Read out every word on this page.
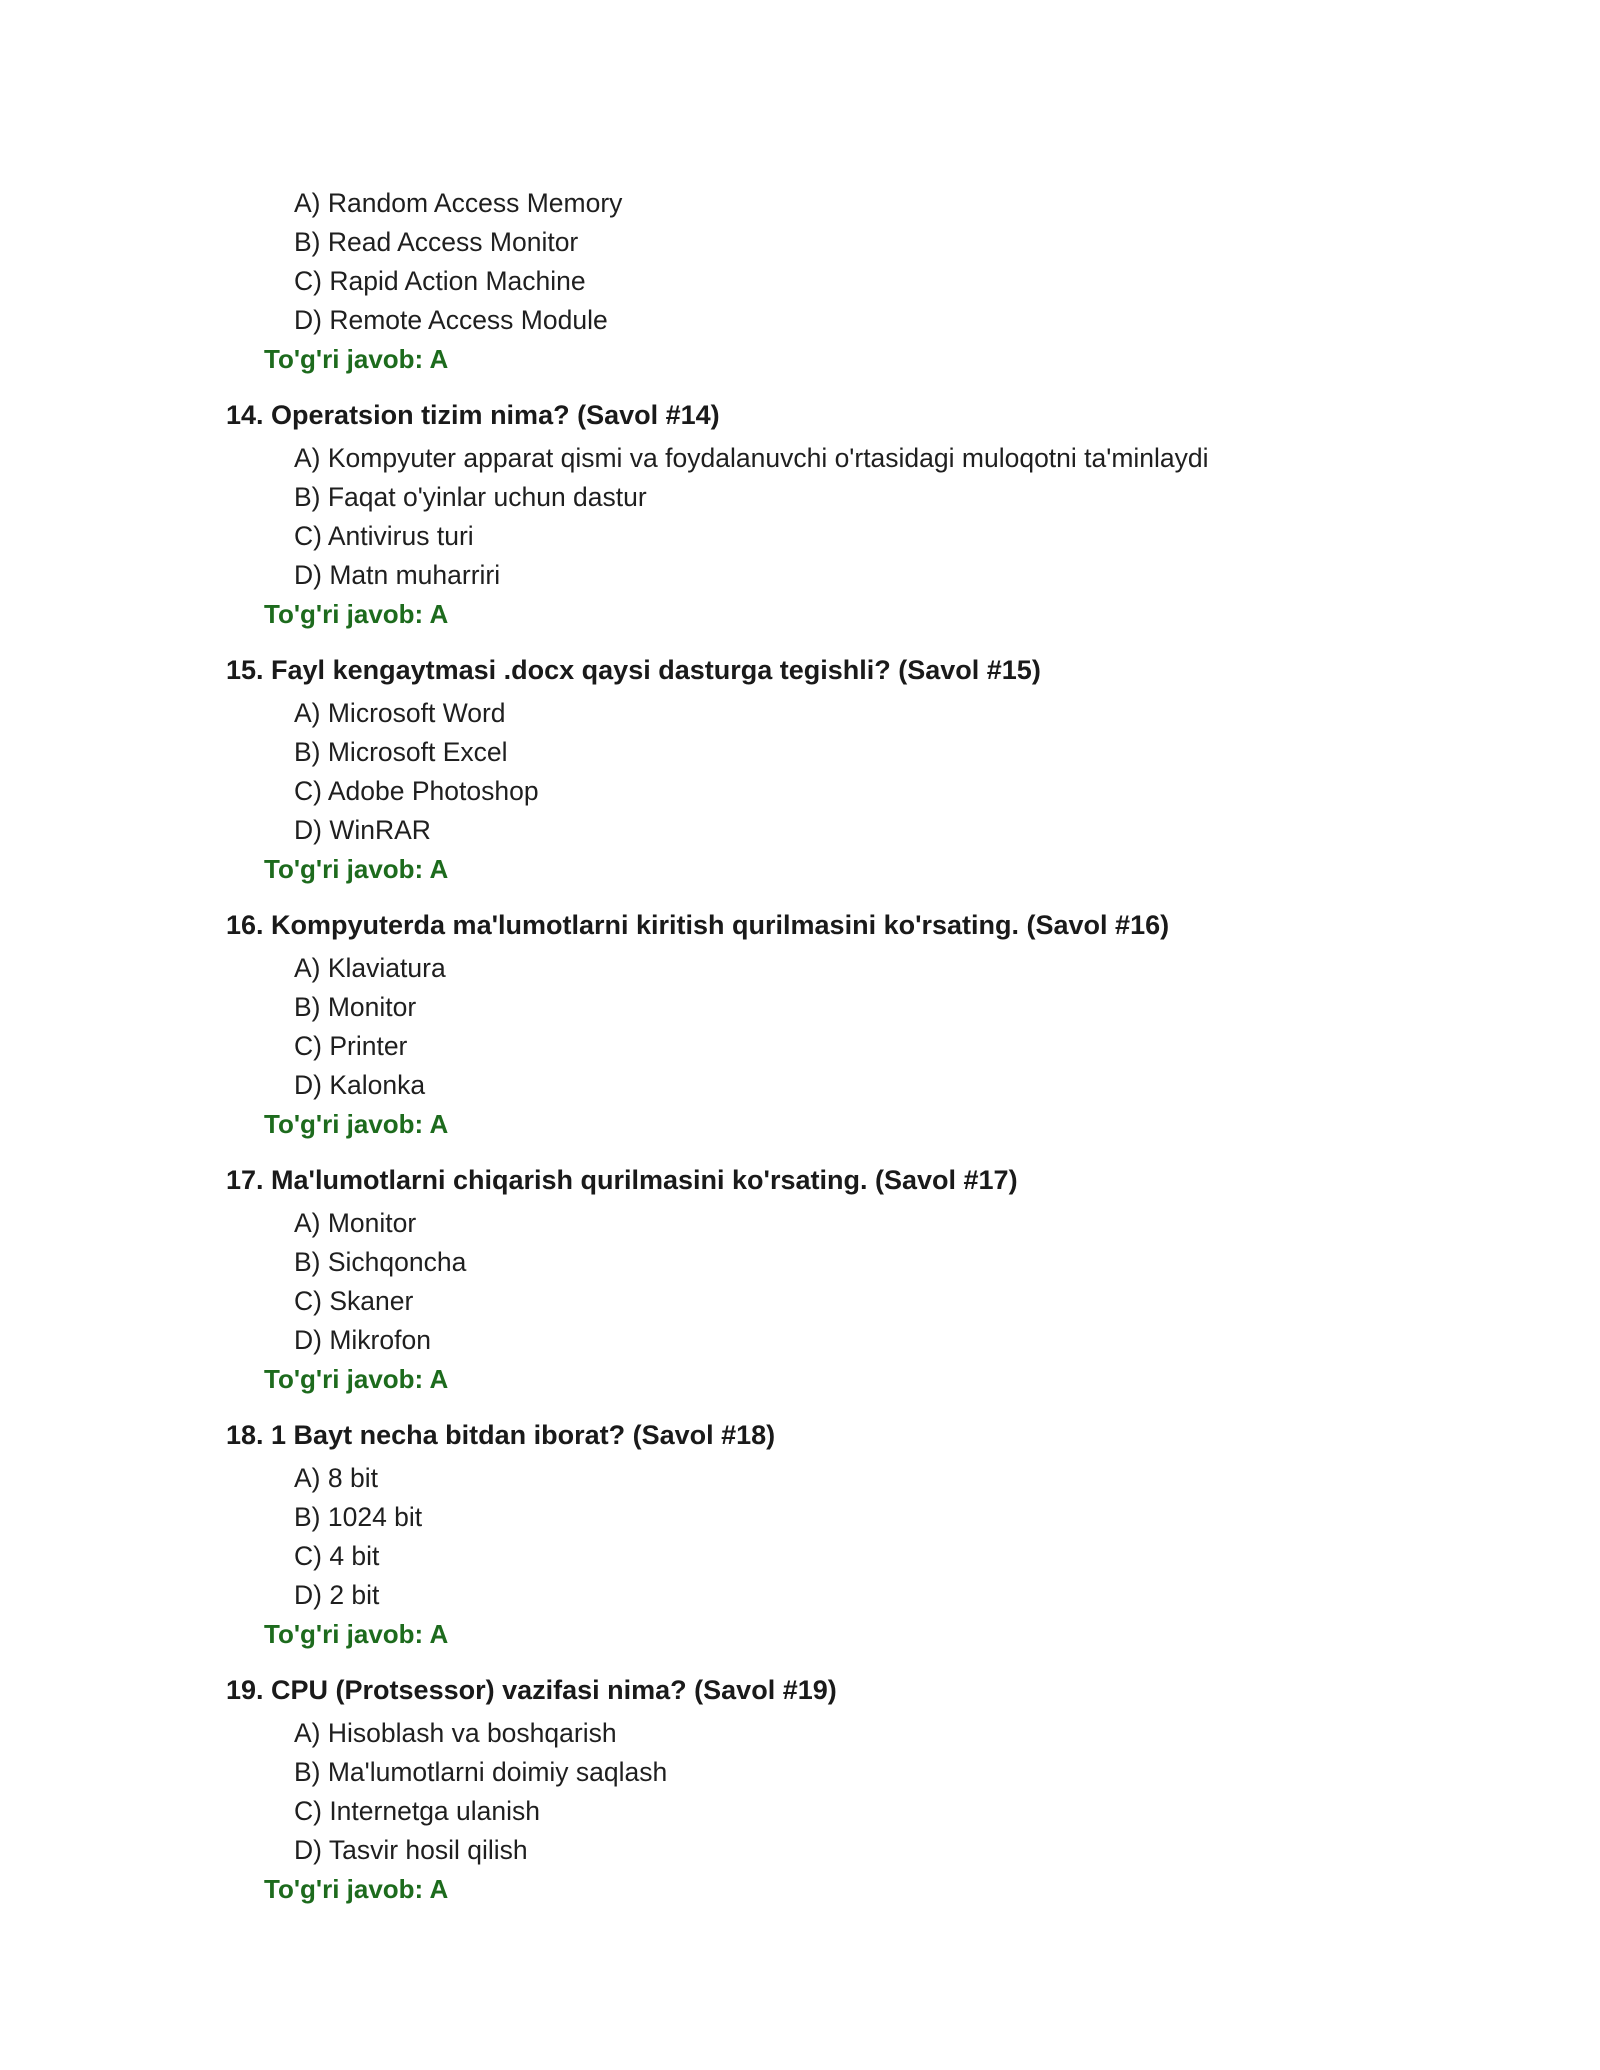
A) Random Access Memory
B) Read Access Monitor
C) Rapid Action Machine
D) Remote Access Module
To'g'ri javob: A
14. Operatsion tizim nima? (Savol #14)
A) Kompyuter apparat qismi va foydalanuvchi o'rtasidagi muloqotni ta'minlaydi
B) Faqat o'yinlar uchun dastur
C) Antivirus turi
D) Matn muharriri
To'g'ri javob: A
15. Fayl kengaytmasi .docx qaysi dasturga tegishli? (Savol #15)
A) Microsoft Word
B) Microsoft Excel
C) Adobe Photoshop
D) WinRAR
To'g'ri javob: A
16. Kompyuterda ma'lumotlarni kiritish qurilmasini ko'rsating. (Savol #16)
A) Klaviatura
B) Monitor
C) Printer
D) Kalonka
To'g'ri javob: A
17. Ma'lumotlarni chiqarish qurilmasini ko'rsating. (Savol #17)
A) Monitor
B) Sichqoncha
C) Skaner
D) Mikrofon
To'g'ri javob: A
18. 1 Bayt necha bitdan iborat? (Savol #18)
A) 8 bit
B) 1024 bit
C) 4 bit
D) 2 bit
To'g'ri javob: A
19. CPU (Protsessor) vazifasi nima? (Savol #19)
A) Hisoblash va boshqarish
B) Ma'lumotlarni doimiy saqlash
C) Internetga ulanish
D) Tasvir hosil qilish
To'g'ri javob: A
